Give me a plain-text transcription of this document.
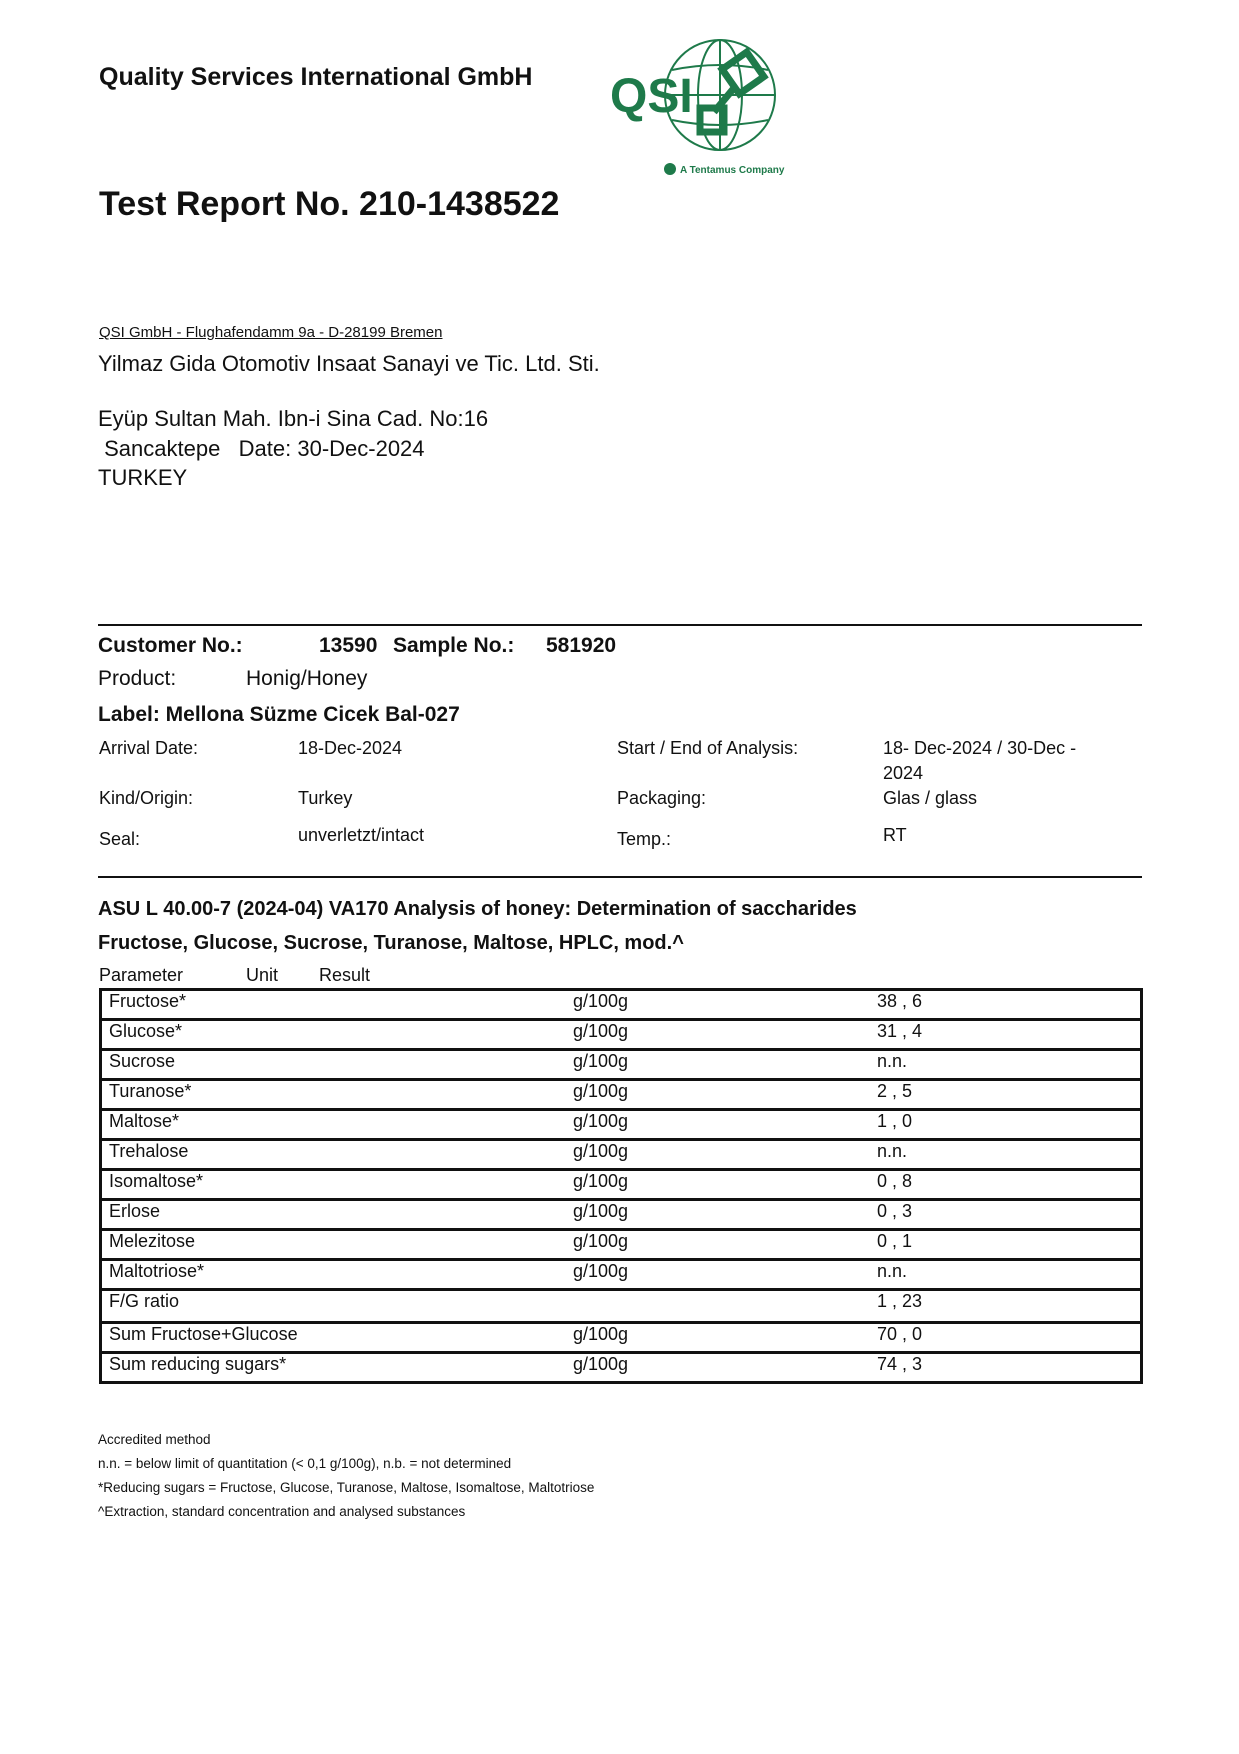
Quality Services International GmbH QSI
A Tentamus Company
Test Report No. 210-1438522
QSI GmbH - Flughafendamm 9a - D-28199 Bremen
Yilmaz Gida Otomotiv Insaat Sanayi ve Tic. Ltd. Sti.
Eyüp Sultan Mah. Ibn-i Sina Cad. No:16
Sancaktepe   Date: 30-Dec-2024
TURKEY
Customer No.:	13590 Sample No.: 581920
Product:	Honig/Honey
Label: Mellona Süzme Cicek Bal-027
Arrival Date:	18-Dec-2024	Start / End of Analysis:	18- Dec-2024 / 30-Dec -
2024
Kind/Origin:	Turkey	Packaging:	Glas / glass
Seal:	unverletzt/intact	Temp.:	RT
ASU L 40.00-7 (2024-04) VA170 Analysis of honey: Determination of saccharides
Fructose, Glucose, Sucrose, Turanose, Maltose, HPLC, mod.^
Parameter	Unit Result
Fructose*	g/100g	38 , 6
Glucose*	g/100g	31 , 4
Sucrose	g/100g	n.n.
Turanose*	g/100g	2 , 5
Maltose*	g/100g	1 , 0
Trehalose	g/100g	n.n.
Isomaltose*	g/100g	0 , 8
Erlose	g/100g	0 , 3
Melezitose	g/100g	0 , 1
Maltotriose*	g/100g	n.n.
F/G ratio		1 , 23
Sum Fructose+Glucose	g/100g	70 , 0
Sum reducing sugars*	g/100g	74 , 3
Accredited method
n.n. = below limit of quantitation (< 0,1 g/100g), n.b. = not determined
*Reducing sugars = Fructose, Glucose, Turanose, Maltose, Isomaltose, Maltotriose
^Extraction, standard concentration and analysed substances
